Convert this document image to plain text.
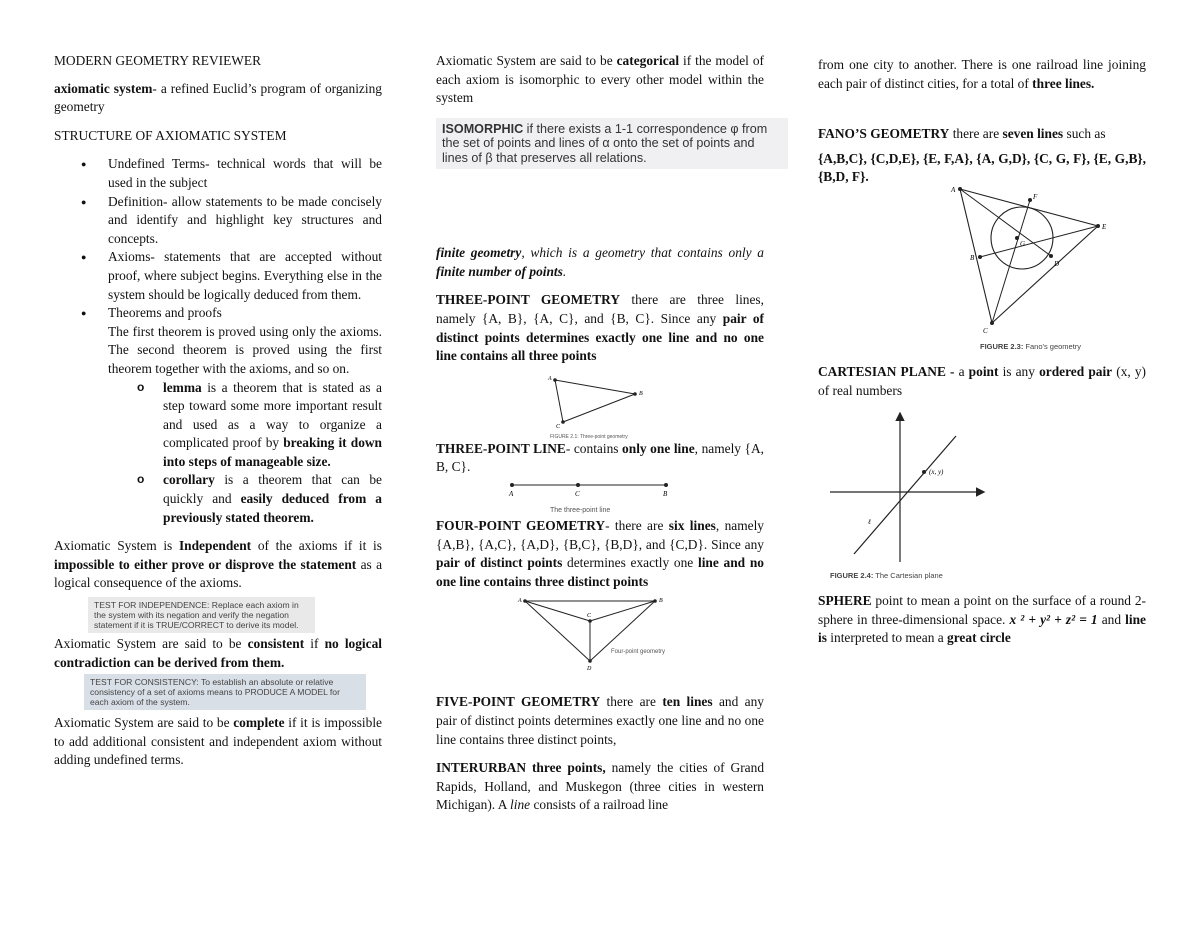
MODERN GEOMETRY REVIEWER

axiomatic system- a refined Euclid’s program of organizing geometry

STRUCTURE OF AXIOMATIC SYSTEM

● Undefined Terms- technical words that will be used in the subject
● Definition- allow statements to be made concisely and identify and highlight key structures and concepts.
● Axioms- statements that are accepted without proof, where subject begins. Everything else in the system should be logically deduced from them.
● Theorems and proofs
The first theorem is proved using only the axioms. The second theorem is proved using the first theorem together with the axioms, and so on.
o lemma is a theorem that is stated as a step toward some more important result and used as a way to organize a complicated proof by breaking it down into steps of manageable size.
o corollary is a theorem that can be quickly and easily deduced from a previously stated theorem.

Axiomatic System is Independent of the axioms if it is impossible to either prove or disprove the statement as a logical consequence of the axioms.

TEST FOR INDEPENDENCE: Replace each axiom in the system with its negation and verify the negation statement if it is TRUE/CORRECT to derive its model.

Axiomatic System are said to be consistent if no logical contradiction can be derived from them.

TEST FOR CONSISTENCY: To establish an absolute or relative consistency of a set of axioms means to PRODUCE A MODEL for each axiom of the system.

Axiomatic System are said to be complete if it is impossible to add additional consistent and independent axiom without adding undefined terms.

Axiomatic System are said to be categorical if the model of each axiom is isomorphic to every other model within the system

ISOMORPHIC if there exists a 1-1 correspondence φ from the set of points and lines of α onto the set of points and lines of β that preserves all relations.

finite geometry, which is a geometry that contains only a finite number of points.

THREE-POINT GEOMETRY there are three lines, namely {A, B}, {A, C}, and {B, C}. Since any pair of distinct points determines exactly one line and no one line contains all three points

A
B
C
FIGURE 2.1: Three-point geometry

THREE-POINT LINE- contains only one line, namely {A, B, C}.

A	C	B
The three-point line

FOUR-POINT GEOMETRY- there are six lines, namely {A,B}, {A,C}, {A,D}, {B,C}, {B,D}, and {C,D}. Since any pair of distinct points determines exactly one line and no one line contains three distinct points

A	B
C
D
Four-point geometry

FIVE-POINT GEOMETRY there are ten lines and any pair of distinct points determines exactly one line and no one line contains three distinct points,

INTERURBAN three points, namely the cities of Grand Rapids, Holland, and Muskegon (three cities in western Michigan). A line consists of a railroad line

from one city to another. There is one railroad line joining each pair of distinct cities, for a total of three lines.

FANO’S GEOMETRY there are seven lines such as

{A,B,C}, {C,D,E}, {E, F,A}, {A, G,D}, {C, G, F}, {E, G,B}, {B,D, F}.

A
B
C
D
E
F
G
FIGURE 2.3: Fano's geometry

CARTESIAN PLANE - a point is any ordered pair (x, y) of real numbers

(x, y)
ℓ
FIGURE 2.4: The Cartesian plane

SPHERE point to mean a point on the surface of a round 2-sphere in three-dimensional space. x ² + y² + z² = 1 and line is interpreted to mean a great circle
